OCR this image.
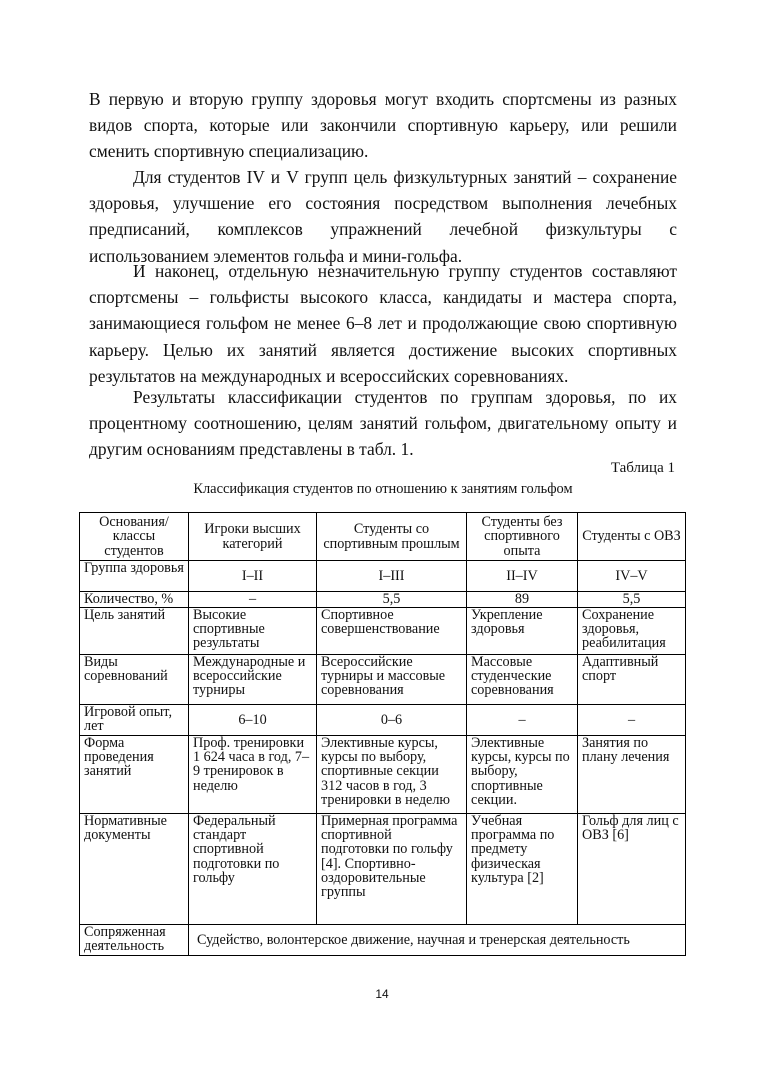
В первую и вторую группу здоровья могут входить спортсмены из разных видов спорта, которые или закончили спортивную карьеру, или решили сменить спортивную специализацию.

Для студентов IV и V групп цель физкультурных занятий – сохранение здоровья, улучшение его состояния посредством выполнения лечебных предписаний, комплексов упражнений лечебной физкультуры с использованием элементов гольфа и мини-гольфа.

И наконец, отдельную незначительную группу студентов составляют спортсмены – гольфисты высокого класса, кандидаты и мастера спорта, занимающиеся гольфом не менее 6–8 лет и продолжающие свою спортивную карьеру. Целью их занятий является достижение высоких спортивных результатов на международных и всероссийских соревнованиях.

Результаты классификации студентов по группам здоровья, по их процентному соотношению, целям занятий гольфом, двигательному опыту и другим основаниям представлены в табл. 1.

Таблица 1
Классификация студентов по отношению к занятиям гольфом
Основания/ классы студентов	Игроки высших категорий	Студенты со спортивным прошлым	Студенты без спортивного опыта	Студенты с ОВЗ
Группа здоровья	I–II	I–III	II–IV	IV–V
Количество, %	–	5,5	89	5,5
Цель занятий	Высокие спортивные результаты	Спортивное совершенствование	Укрепление здоровья	Сохранение здоровья, реабилитация
Виды соревнований	Международные и всероссийские турниры	Всероссийские турниры и массовые соревнования	Массовые студенческие соревнования	Адаптивный спорт
Игровой опыт, лет	6–10	0–6	–	–
Форма проведения занятий	Проф. тренировки 1 624 часа в год, 7–9 тренировок в неделю	Элективные курсы, курсы по выбору, спортивные секции 312 часов в год, 3 тренировки в неделю	Элективные курсы, курсы по выбору, спортивные секции.	Занятия по плану лечения
Нормативные документы	Федеральный стандарт спортивной подготовки по гольфу	Примерная программа спортивной подготовки по гольфу [4]. Спортивно-оздоровительные группы	Учебная программа по предмету физическая культура [2]	Гольф для лиц с ОВЗ [6]
Сопряженная деятельность	Судейство, волонтерское движение, научная и тренерская деятельность			
14
